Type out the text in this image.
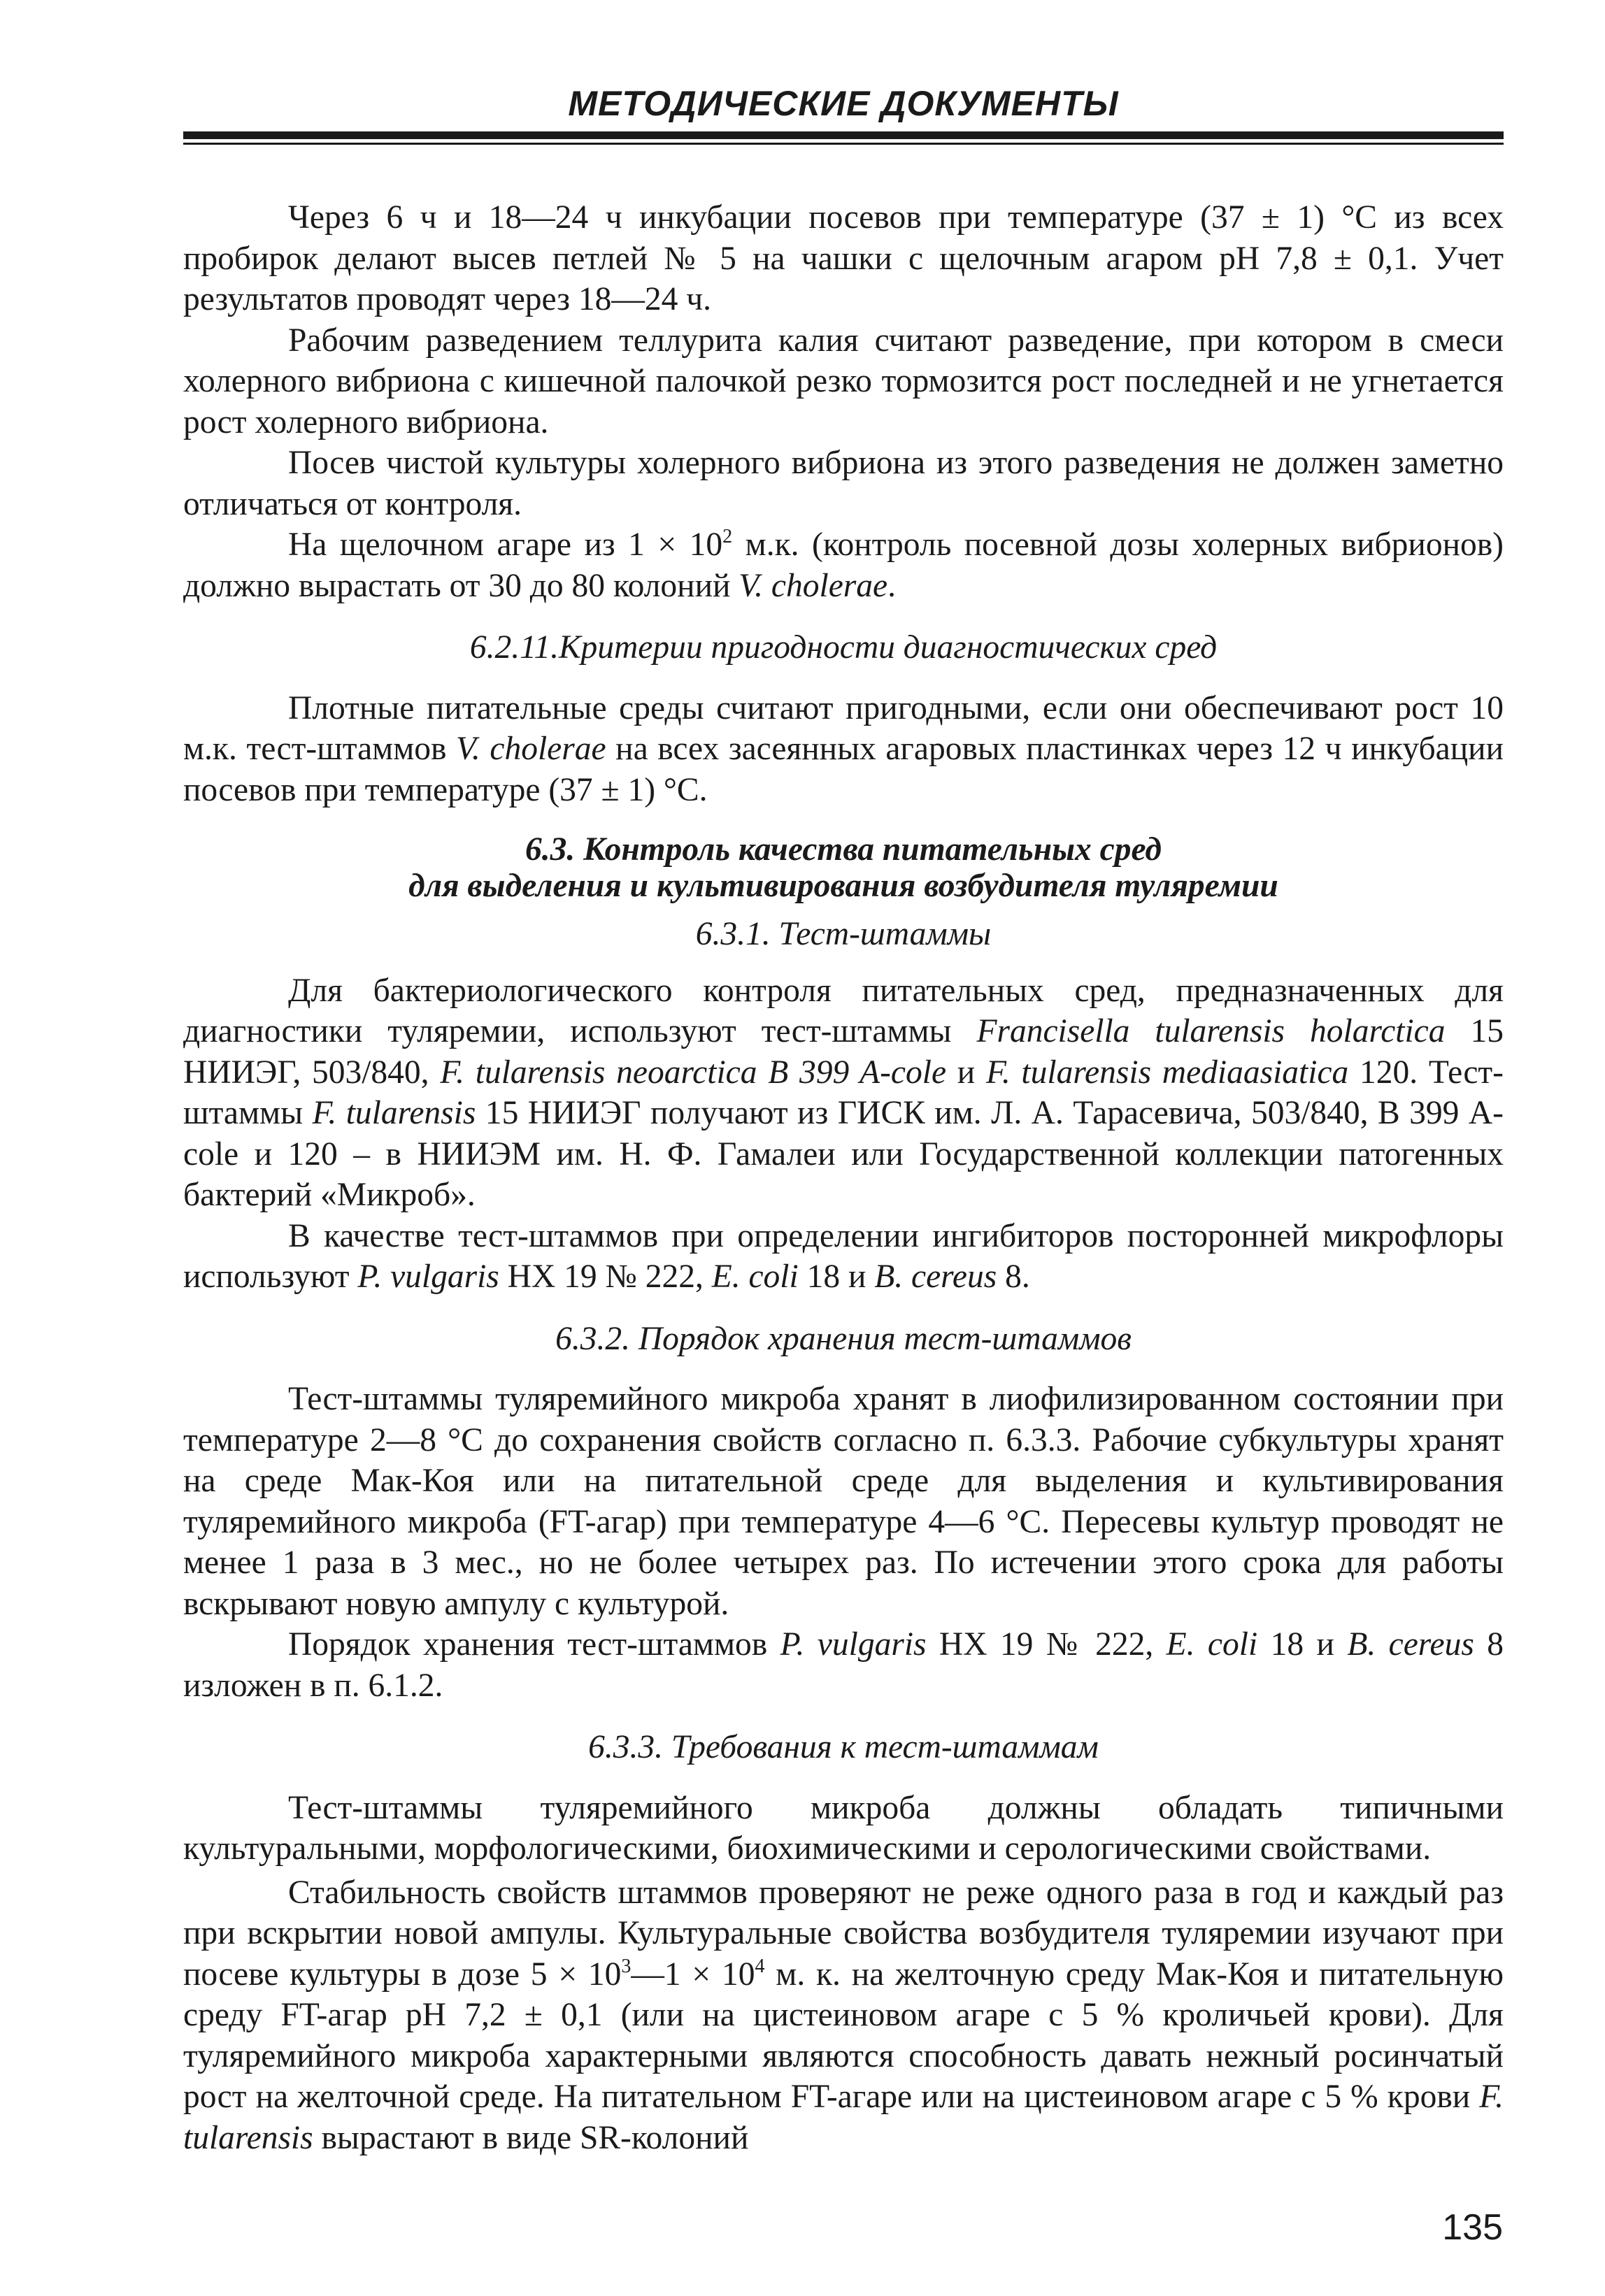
МЕТОДИЧЕСКИЕ ДОКУМЕНТЫ

Через 6 ч и 18—24 ч инкубации посевов при температуре (37 ± 1) °С из всех пробирок делают высев петлей № 5 на чашки с щелочным агаром рН 7,8 ± 0,1. Учет результатов проводят через 18—24 ч.

Рабочим разведением теллурита калия считают разведение, при котором в смеси холерного вибриона с кишечной палочкой резко тормозится рост последней и не угнетается рост холерного вибриона.

Посев чистой культуры холерного вибриона из этого разведения не должен заметно отличаться от контроля.

На щелочном агаре из $1 \times 10^2$ м.к. (контроль посевной дозы холерных вибрионов) должно вырастать от 30 до 80 колоний V. cholerae.

6.2.11.Критерии пригодности диагностических сред

Плотные питательные среды считают пригодными, если они обеспечивают рост 10 м.к. тест-штаммов V. cholerae на всех засеянных агаровых пластинках через 12 ч инкубации посевов при температуре (37 ± 1) °С.

6.3. Контроль качества питательных сред
для выделения и культивирования возбудителя туляремии
6.3.1. Тест-штаммы

Для бактериологического контроля питательных сред, предназначенных для диагностики туляремии, используют тест-штаммы Francisella tularensis holarctica 15 НИИЭГ, 503/840, F. tularensis neoarctica B 399 A-cole и F. tularensis mediaasiatica 120. Тест-штаммы F. tularensis 15 НИИЭГ получают из ГИСК им. Л. А. Тарасевича, 503/840, В 399 А-cole и 120 – в НИИЭМ им. Н. Ф. Гамалеи или Государственной коллекции патогенных бактерий «Микроб».

В качестве тест-штаммов при определении ингибиторов посторонней микрофлоры используют P. vulgaris НХ 19 № 222, E. coli 18 и B. cereus 8.

6.3.2. Порядок хранения тест-штаммов

Тест-штаммы туляремийного микроба хранят в лиофилизированном состоянии при температуре 2—8 °С до сохранения свойств согласно п. 6.3.3. Рабочие субкультуры хранят на среде Мак-Коя или на питательной среде для выделения и культивирования туляремийного микроба (FT-агар) при температуре 4—6 °С. Пересевы культур проводят не менее 1 раза в 3 мес., но не более четырех раз. По истечении этого срока для работы вскрывают новую ампулу с культурой.

Порядок хранения тест-штаммов P. vulgaris НХ 19 № 222, E. coli 18 и B. cereus 8 изложен в п. 6.1.2.

6.3.3. Требования к тест-штаммам

Тест-штаммы туляремийного микроба должны обладать типичными культуральными, морфологическими, биохимическими и серологическими свойствами.

Стабильность свойств штаммов проверяют не реже одного раза в год и каждый раз при вскрытии новой ампулы. Культуральные свойства возбудителя туляремии изучают при посеве культуры в дозе $5 \times 10^3—1 \times 10^4$ м. к. на желточную среду Мак-Коя и питательную среду FT-агар рН 7,2 ± 0,1 (или на цистеиновом агаре с 5 % кроличьей крови). Для туляремийного микроба характерными являются способность давать нежный росинчатый рост на желточной среде. На питательном FT-агаре или на цистеиновом агаре с 5 % крови F. tularensis вырастают в виде SR-колоний

135
